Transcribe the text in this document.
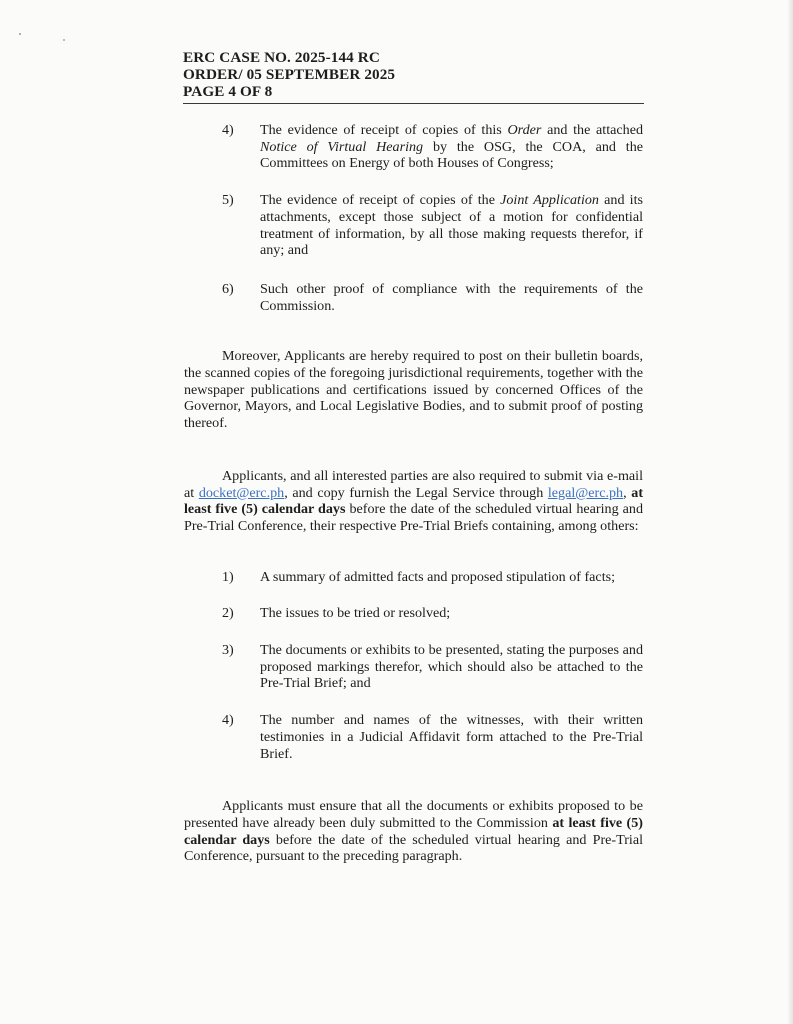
ERC CASE NO. 2025-144 RC
ORDER/ 05 SEPTEMBER 2025
PAGE 4 OF 8
4)	The evidence of receipt of copies of this Order and the attached Notice of Virtual Hearing by the OSG, the COA, and the Committees on Energy of both Houses of Congress;
5)	The evidence of receipt of copies of the Joint Application and its attachments, except those subject of a motion for confidential treatment of information, by all those making requests therefor, if any; and
6)	Such other proof of compliance with the requirements of the Commission.

Moreover, Applicants are hereby required to post on their bulletin boards, the scanned copies of the foregoing jurisdictional requirements, together with the newspaper publications and certifications issued by concerned Offices of the Governor, Mayors, and Local Legislative Bodies, and to submit proof of posting thereof.

Applicants, and all interested parties are also required to submit via e-mail at docket@erc.ph, and copy furnish the Legal Service through legal@erc.ph, at least five (5) calendar days before the date of the scheduled virtual hearing and Pre-Trial Conference, their respective Pre-Trial Briefs containing, among others:

1)	A summary of admitted facts and proposed stipulation of facts;
2)	The issues to be tried or resolved;
3)	The documents or exhibits to be presented, stating the purposes and proposed markings therefor, which should also be attached to the Pre-Trial Brief; and
4)	The number and names of the witnesses, with their written testimonies in a Judicial Affidavit form attached to the Pre-Trial Brief.

Applicants must ensure that all the documents or exhibits proposed to be presented have already been duly submitted to the Commission at least five (5) calendar days before the date of the scheduled virtual hearing and Pre-Trial Conference, pursuant to the preceding paragraph.
